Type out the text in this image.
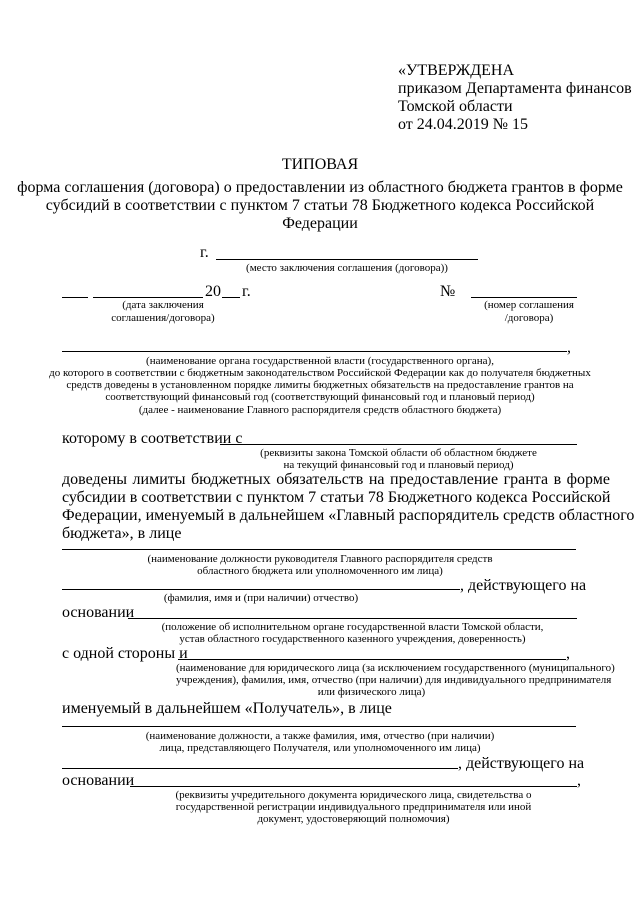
«УТВЕРЖДЕНА
приказом Департамента финансов
Томской области
от 24.04.2019 № 15
ТИПОВАЯ
форма соглашения (договора) о предоставлении из областного бюджета грантов в форме
субсидий в соответствии с пунктом 7 статьи 78 Бюджетного кодекса Российской
Федерации
г.
(место заключения соглашения (договора))
20 г.
(дата заключения
соглашения/договора)
№
(номер соглашения
/договора)
,
(наименование органа государственной власти (государственного органа),
до которого в соответствии с бюджетным законодательством Российской Федерации как до получателя бюджетных
средств доведены в установленном порядке лимиты бюджетных обязательств на предоставление грантов на
соответствующий финансовый год (соответствующий финансовый год и плановый период)
(далее - наименование Главного распорядителя средств областного бюджета)
которому в соответствии с
(реквизиты закона Томской области об областном бюджете
на текущий финансовый год и плановый период)
доведены лимиты бюджетных обязательств на предоставление гранта в форме
субсидии в соответствии с пунктом 7 статьи 78 Бюджетного кодекса Российской
Федерации, именуемый в дальнейшем «Главный распорядитель средств областного
бюджета», в лице
(наименование должности руководителя Главного распорядителя средств
областного бюджета или уполномоченного им лица)
, действующего на
(фамилия, имя и (при наличии) отчество)
основании
(положение об исполнительном органе государственной власти Томской области,
устав областного государственного казенного учреждения, доверенность)
с одной стороны и	,
(наименование для юридического лица (за исключением государственного (муниципального)
учреждения), фамилия, имя, отчество (при наличии) для индивидуального предпринимателя
или физического лица)
именуемый в дальнейшем «Получатель», в лице
(наименование должности, а также фамилия, имя, отчество (при наличии)
лица, представляющего Получателя, или уполномоченного им лица)
, действующего на
основании	,
(реквизиты учредительного документа юридического лица, свидетельства о
государственной регистрации индивидуального предпринимателя или иной
документ, удостоверяющий полномочия)
